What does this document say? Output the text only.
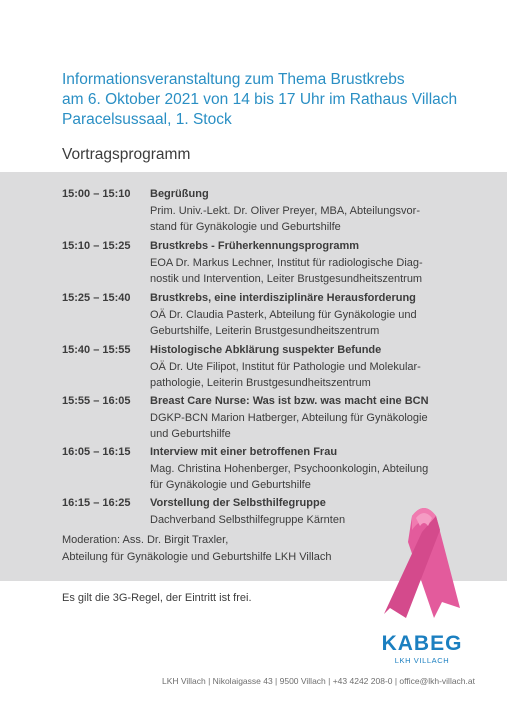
Informationsveranstaltung zum Thema Brustkrebs
am 6. Oktober 2021 von 14 bis 17 Uhr im Rathaus Villach
Paracelsussaal, 1. Stock
Vortragsprogramm
15:00 – 15:10	Begrüßung
Prim. Univ.-Lekt. Dr. Oliver Preyer, MBA, Abteilungsvor-
stand für Gynäkologie und Geburtshilfe
15:10 – 15:25	Brustkrebs - Früherkennungsprogramm
EOA Dr. Markus Lechner, Institut für radiologische Diag-
nostik und Intervention, Leiter Brustgesundheitszentrum
15:25 – 15:40	Brustkrebs, eine interdisziplinäre Herausforderung
OÄ Dr. Claudia Pasterk, Abteilung für Gynäkologie und
Geburtshilfe, Leiterin Brustgesundheitszentrum
15:40 – 15:55	Histologische Abklärung suspekter Befunde
OÄ Dr. Ute Filipot, Institut für Pathologie und Molekular-
pathologie, Leiterin Brustgesundheitszentrum
15:55 – 16:05	Breast Care Nurse: Was ist bzw. was macht eine BCN
DGKP-BCN Marion Hatberger, Abteilung für Gynäkologie
und Geburtshilfe
16:05 – 16:15	Interview mit einer betroffenen Frau
Mag. Christina Hohenberger, Psychoonkologin, Abteilung
für Gynäkologie und Geburtshilfe
16:15 – 16:25	Vorstellung der Selbsthilfegruppe
Dachverband Selbsthilfegruppe Kärnten
Moderation: Ass. Dr. Birgit Traxler,
Abteilung für Gynäkologie und Geburtshilfe LKH Villach
Es gilt die 3G-Regel, der Eintritt ist frei.
KABEG
LKH VILLACH
LKH Villach | Nikolaigasse 43 | 9500 Villach | +43 4242 208-0 | office@lkh-villach.at
